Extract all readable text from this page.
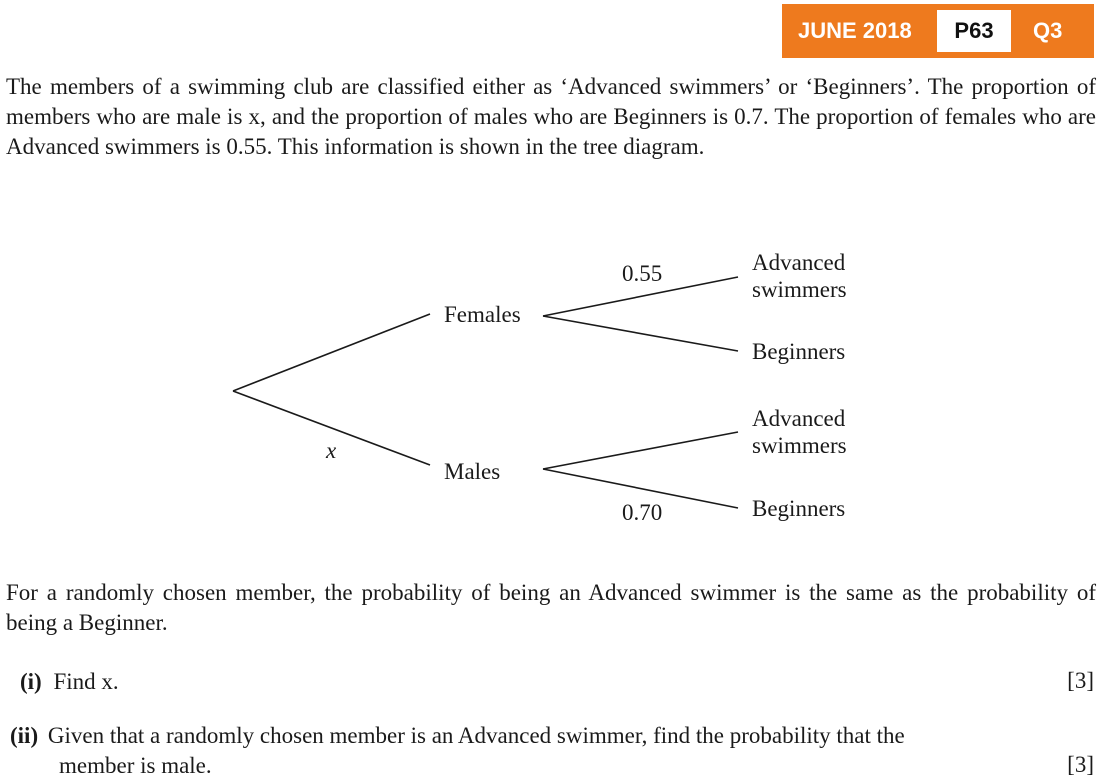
JUNE 2018	P63	Q3
The members of a swimming club are classified either as ‘Advanced swimmers’ or ‘Beginners’. The proportion of members who are male is x, and the proportion of males who are Beginners is 0.7. The proportion of females who are Advanced swimmers is 0.55. This information is shown in the tree diagram.
Females
Males
x
0.55
0.70
Advanced
swimmers
Beginners
Advanced
swimmers
Beginners
For a randomly chosen member, the probability of being an Advanced swimmer is the same as the probability of being a Beginner.
(i) Find x.	[3]
(ii) Given that a randomly chosen member is an Advanced swimmer, find the probability that the
member is male.	[3]
